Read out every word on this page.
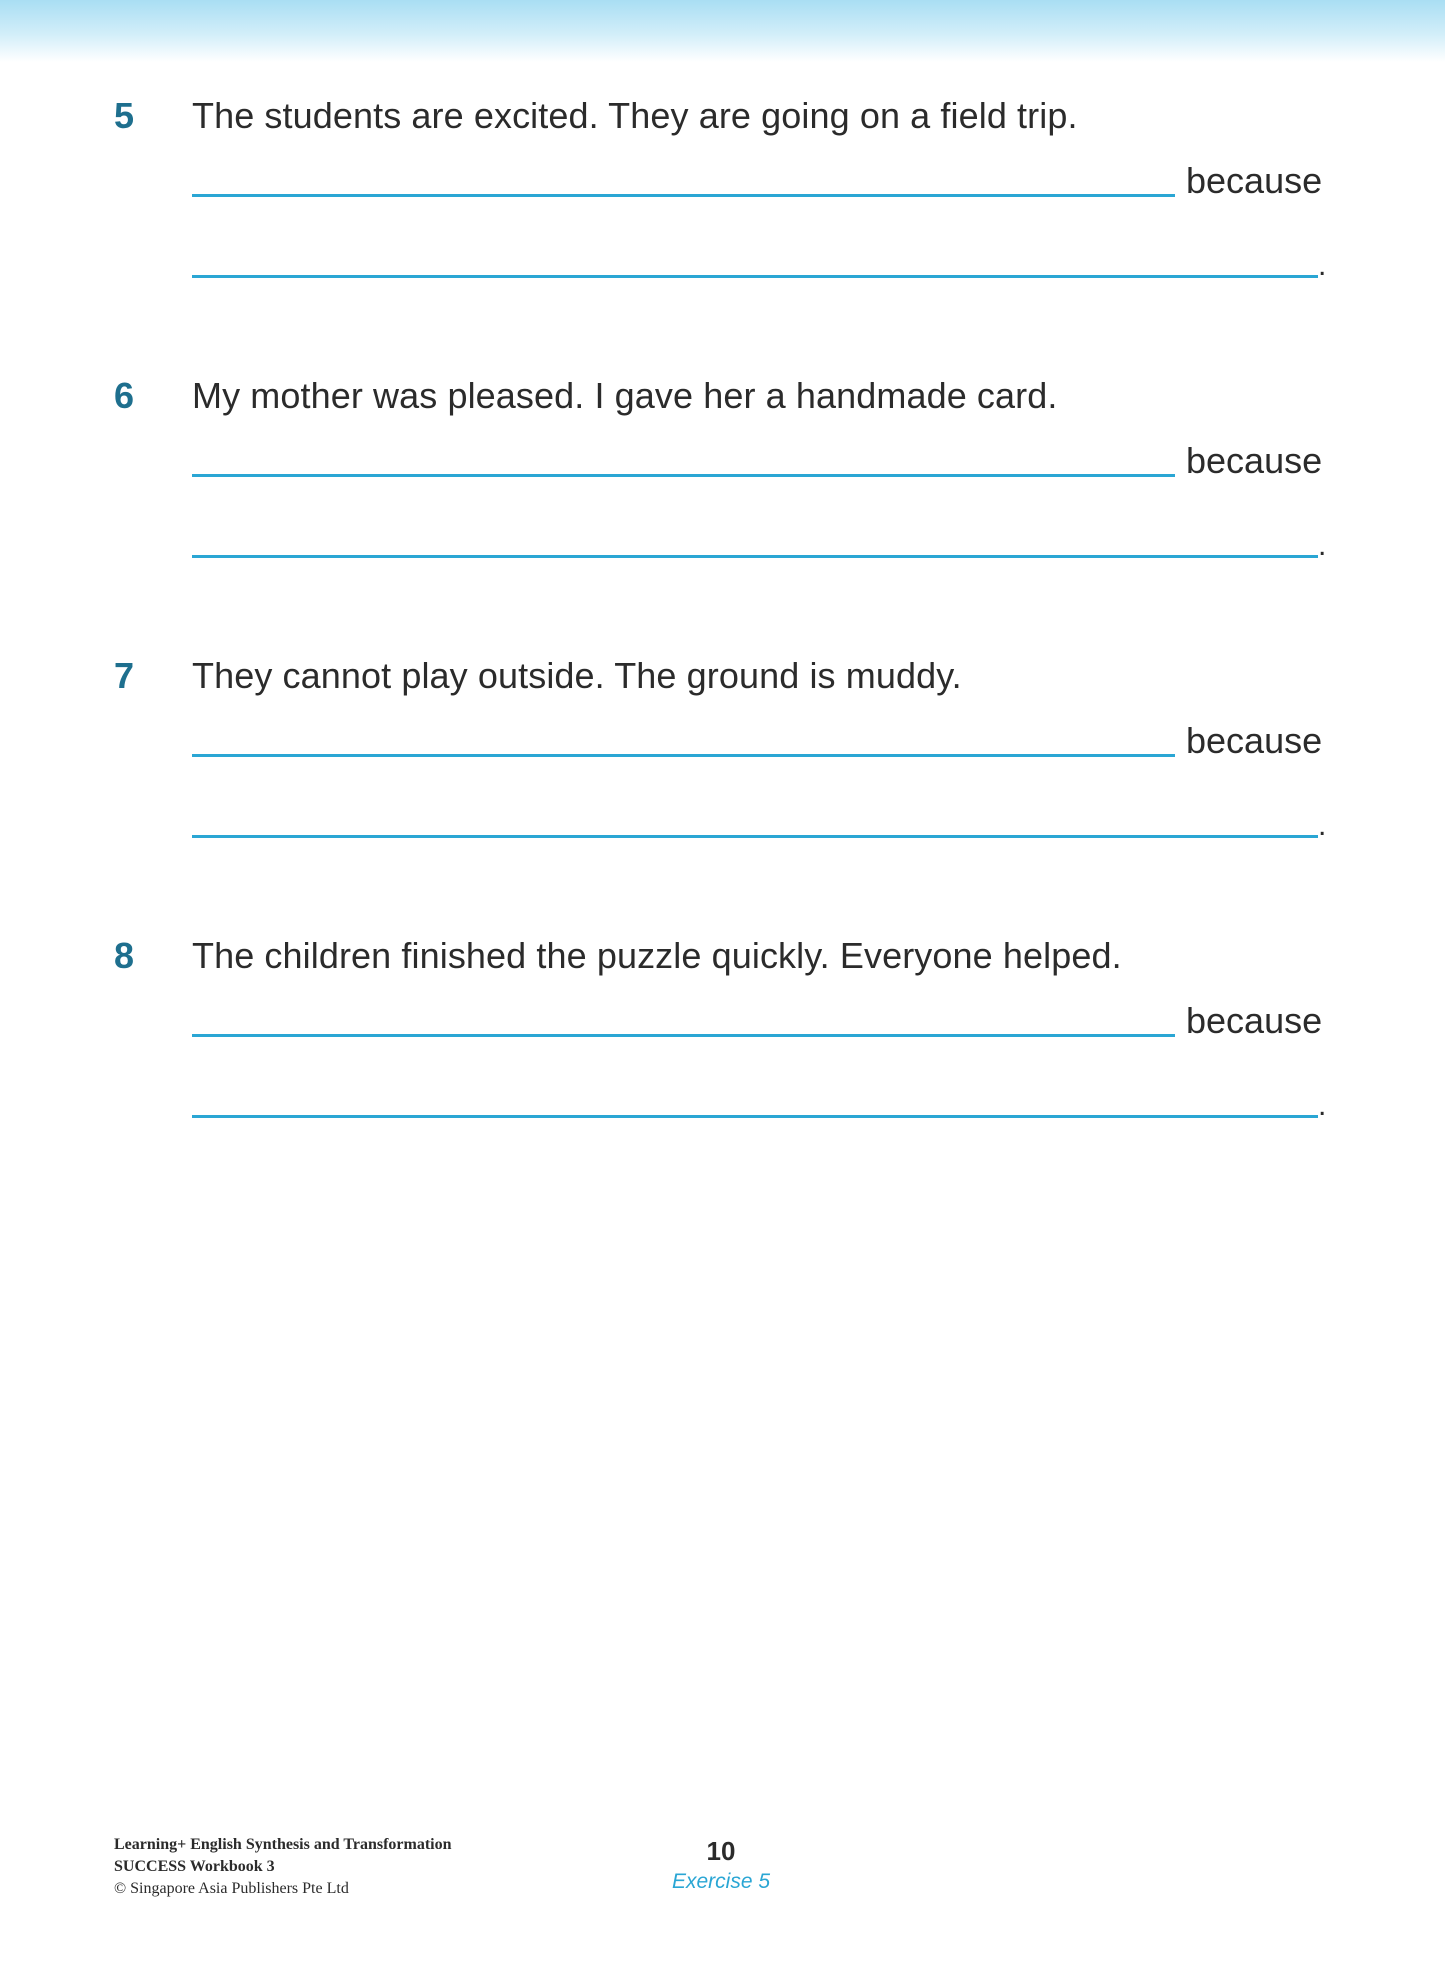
5 The students are excited. They are going on a field trip.
because
.
6 My mother was pleased. I gave her a handmade card.
because
.
7 They cannot play outside. The ground is muddy.
because
.
8 The children finished the puzzle quickly. Everyone helped.
because
.
Learning+ English Synthesis and Transformation
SUCCESS Workbook 3
© Singapore Asia Publishers Pte Ltd
10
Exercise 5
